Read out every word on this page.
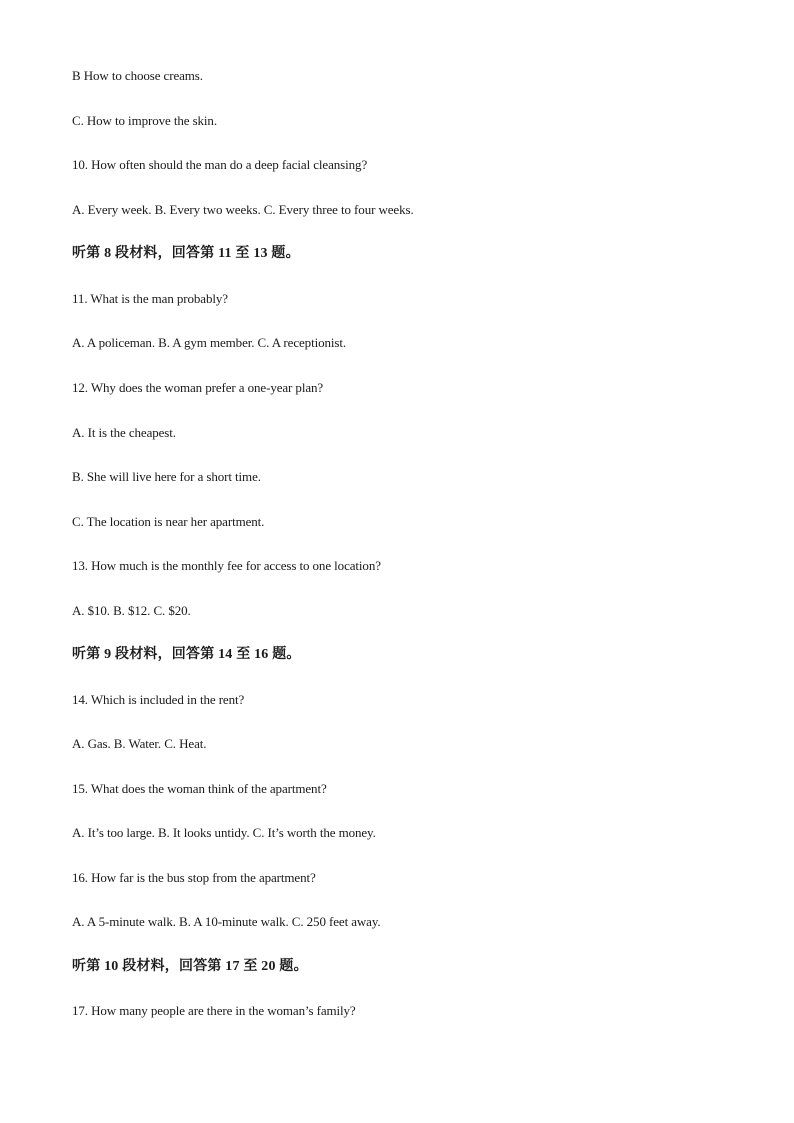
B How to choose creams.
C. How to improve the skin.
10. How often should the man do a deep facial cleansing?
A. Every week. B. Every two weeks. C. Every three to four weeks.
听第 8 段材料，回答第 11 至 13 题。
11. What is the man probably?
A. A policeman. B. A gym member. C. A receptionist.
12. Why does the woman prefer a one-year plan?
A. It is the cheapest.
B. She will live here for a short time.
C. The location is near her apartment.
13. How much is the monthly fee for access to one location?
A. $10. B. $12. C. $20.
听第 9 段材料，回答第 14 至 16 题。
14. Which is included in the rent?
A. Gas. B. Water. C. Heat.
15. What does the woman think of the apartment?
A. It’s too large. B. It looks untidy. C. It’s worth the money.
16. How far is the bus stop from the apartment?
A. A 5-minute walk. B. A 10-minute walk. C. 250 feet away.
听第 10 段材料，回答第 17 至 20 题。
17. How many people are there in the woman’s family?
